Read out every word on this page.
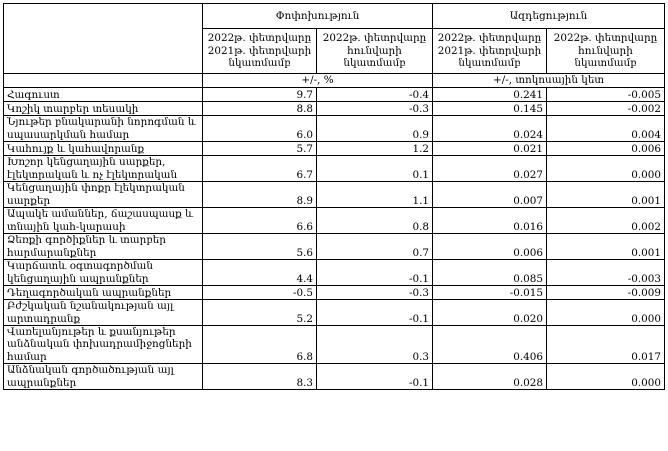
	Փոփոխություն		Ազդեցություն	
	2022թ. փետրվարը 2021թ. փետրվարի նկատմամբ	2022թ. փետրվարը հունվարի նկատմամբ	2022թ. փետրվարը 2021թ. փետրվարի նկատմամբ	2022թ. փետրվարը հունվարի նկատմամբ
	+/-, %		+/-, տոկոսային կետ	
Հագուստ	9.7	-0.4	0.241	-0.005
Կոշիկ տարբեր տեսակի	8.8	-0.3	0.145	-0.002
Նյութեր բնակարանի նորոգման և սպասարկման համար	6.0	0.9	0.024	0.004
Կահույք և կահավորանք	5.7	1.2	0.021	0.006
Խոշոր կենցաղային սարքեր, էլեկտրական և ոչ էլեկտրական	6.7	0.1	0.027	0.000
Կենցաղային փոքր էլեկտրական սարքեր	8.9	1.1	0.007	0.001
Ապակե ամաններ, ճաշասպասք և տնային կահ-կարասի	6.6	0.8	0.016	0.002
Ձեռքի գործիքներ և տարբեր հարմարանքներ	5.6	0.7	0.006	0.001
Կարճատև օգտագործման կենցաղային ապրանքներ	4.4	-0.1	0.085	-0.003
Դեղագործական ապրանքներ	-0.5	-0.3	-0.015	-0.009
Բժշկական նշանակության այլ արտադրանք	5.2	-0.1	0.020	0.000
Վառելանյութեր և քսանյութեր անձնական փոխադրամիջոցների համար	6.8	0.3	0.406	0.017
Անձնական գործածության այլ ապրանքներ	8.3	-0.1	0.028	0.000
